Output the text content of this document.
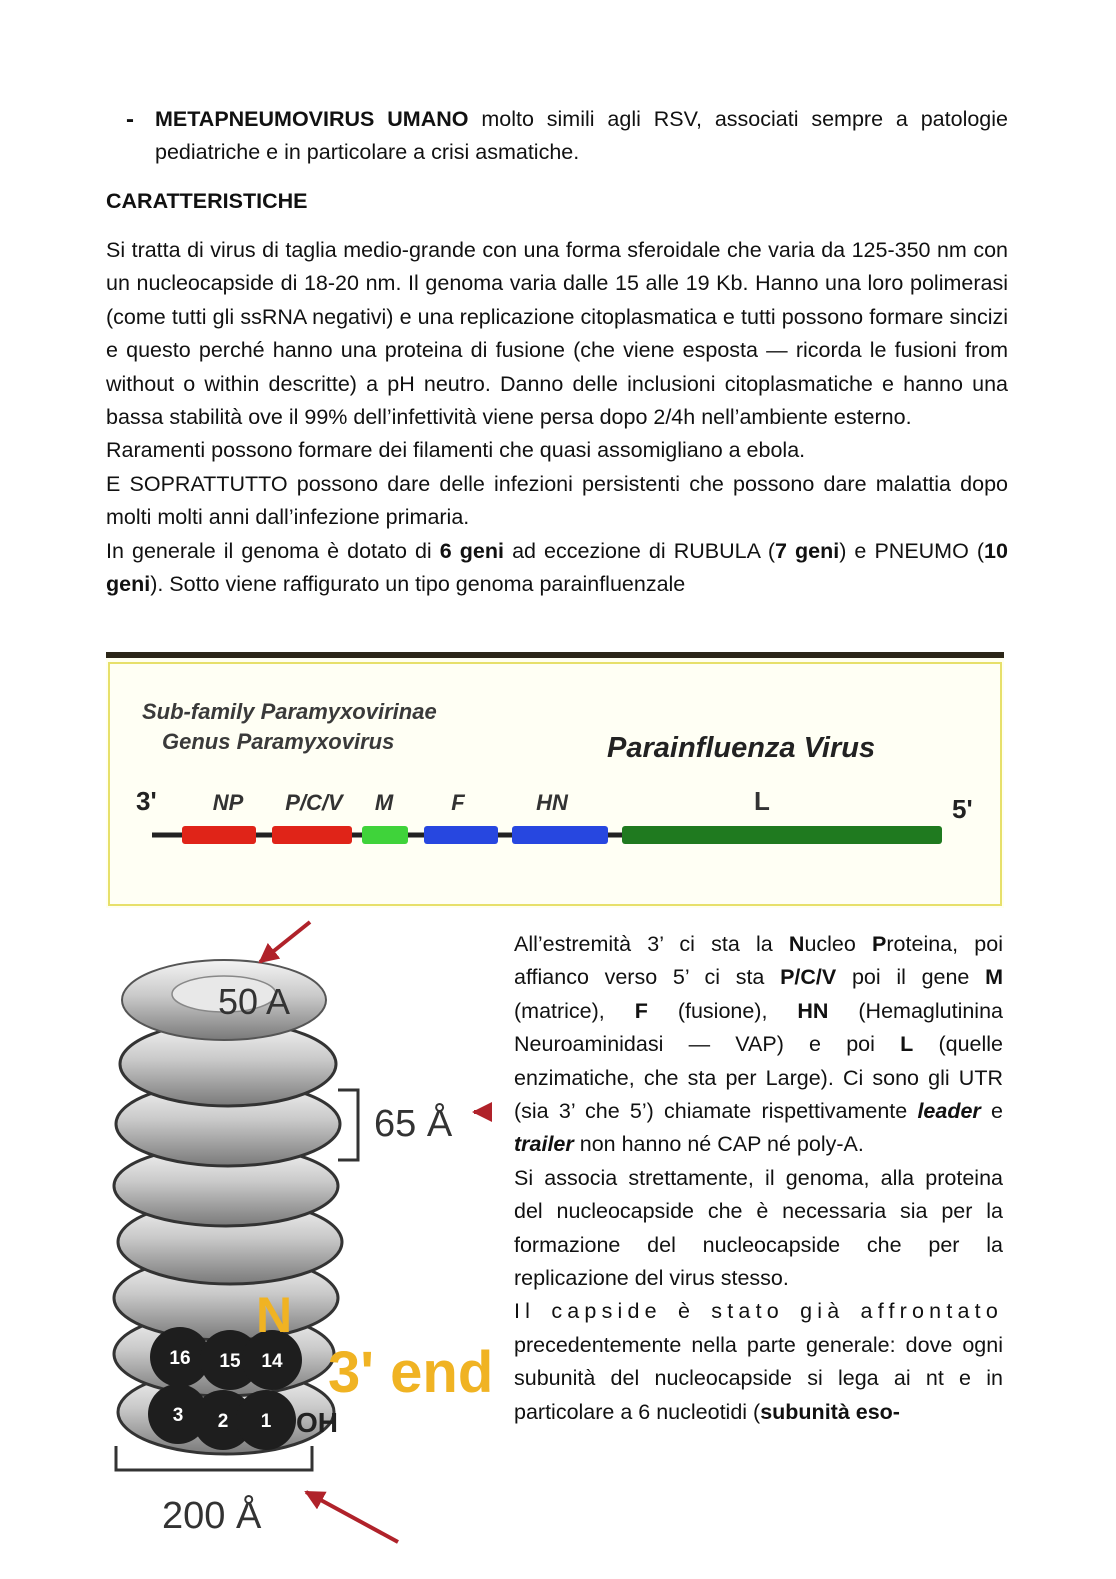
- METAPNEUMOVIRUS UMANO molto simili agli RSV, associati sempre a patologie pediatriche e in particolare a crisi asmatiche.
CARATTERISTICHE

Si tratta di virus di taglia medio-grande con una forma sferoidale che varia da 125-350 nm con un nucleocapside di 18-20 nm. Il genoma varia dalle 15 alle 19 Kb. Hanno una loro polimerasi (come tutti gli ssRNA negativi) e una replicazione citoplasmatica e tutti possono formare sincizi e questo perché hanno una proteina di fusione (che viene esposta — ricorda le fusioni from without o within descritte) a pH neutro. Danno delle inclusioni citoplasmatiche e hanno una bassa stabilità ove il 99% dell’infettività viene persa dopo 2/4h nell’ambiente esterno.

Raramenti possono formare dei filamenti che quasi assomigliano a ebola.

E SOPRATTUTTO possono dare delle infezioni persistenti che possono dare malattia dopo molti molti anni dall’infezione primaria.

In generale il genoma è dotato di 6 geni ad eccezione di RUBULA (7 geni) e PNEUMO (10 geni). Sotto viene raffigurato un tipo genoma parainfluenzale

Sub-family Paramyxovirinae
Genus Paramyxovirus	Parainfluenza Virus
3'	5'
NP P/C/V M	F	HN	L
16 15 14
3 2 1
50 A
65 Å
N
3' end
OH
200 Å

All’estremità 3’ ci sta la Nucleo Proteina, poi affianco verso 5’ ci sta P/C/V poi il gene M (matrice), F (fusione), HN (Hemaglutinina Neuroaminidasi — VAP) e poi L (quelle enzimatiche, che sta per Large). Ci sono gli UTR (sia 3’ che 5’) chiamate rispettivamente leader e trailer non hanno né CAP né poly-A.

Si associa strettamente, il genoma, alla proteina del nucleocapside che è necessaria sia per la formazione del nucleocapside che per la replicazione del virus stesso.

Il capside è stato già affrontato precedentemente nella parte generale: dove ogni subunità del nucleocapside si lega ai nt e in particolare a 6 nucleotidi (subunità eso-
